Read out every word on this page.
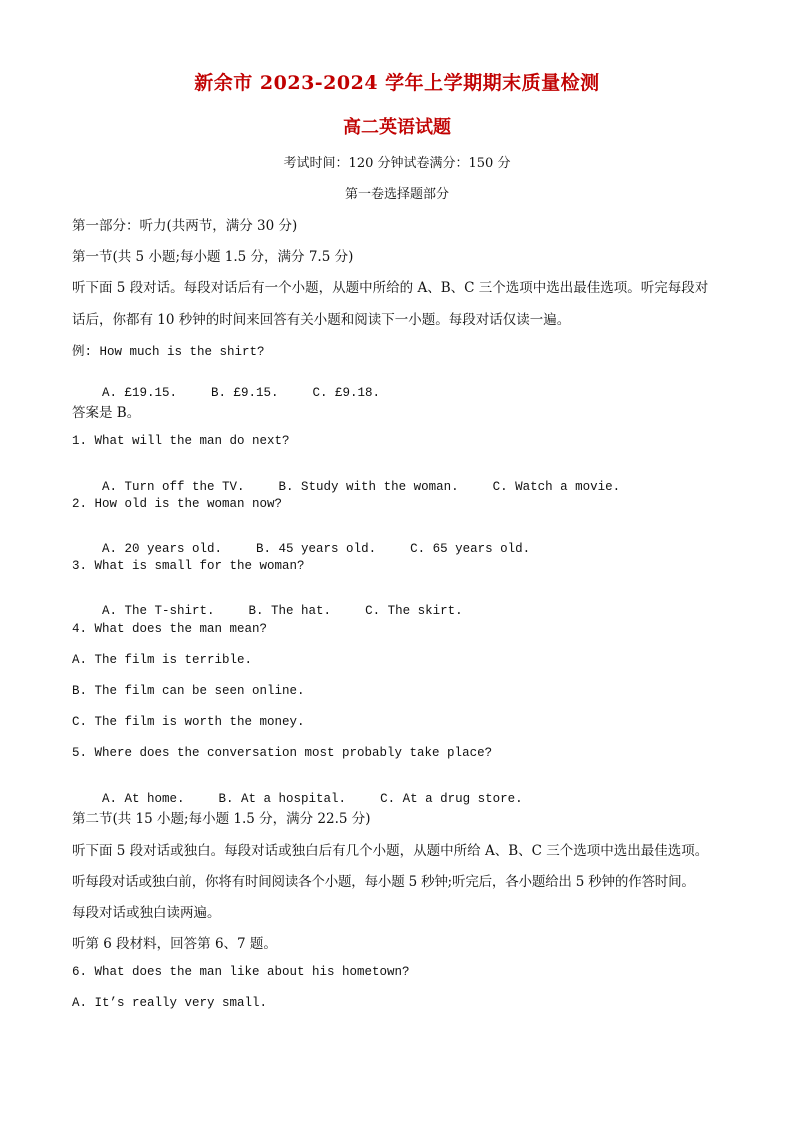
新余市 2023-2024 学年上学期期末质量检测
高二英语试题
考试时间：120 分钟试卷满分：150 分
第一卷选择题部分
第一部分：听力(共两节，满分 30 分)
第一节(共 5 小题;每小题 1.5 分，满分 7.5 分)
听下面 5 段对话。每段对话后有一个小题，从题中所给的 A、B、C 三个选项中选出最佳选项。听完每段对
话后，你都有 10 秒钟的时间来回答有关小题和阅读下一小题。每段对话仅读一遍。
例: How much is the shirt?

A. £19.15.	B. £9.15.	C. £9.18.

答案是 B。
1. What will the man do next?

A. Turn off the TV.	B. Study with the woman.	C. Watch a movie.

2. How old is the woman now?

A. 20 years old.	B. 45 years old.	C. 65 years old.

3. What is small for the woman?

A. The T-shirt.	B. The hat.	C. The skirt.

4. What does the man mean?
A. The film is terrible.
B. The film can be seen online.
C. The film is worth the money.
5. Where does the conversation most probably take place?

A. At home.	B. At a hospital.	C. At a drug store.

第二节(共 15 小题;每小题 1.5 分，满分 22.5 分)
听下面 5 段对话或独白。每段对话或独白后有几个小题，从题中所给 A、B、C 三个选项中选出最佳选项。
听每段对话或独白前，你将有时间阅读各个小题，每小题 5 秒钟;听完后，各小题给出 5 秒钟的作答时间。
每段对话或独白读两遍。
听第 6 段材料，回答第 6、7 题。
6. What does the man like about his hometown?
A. It’s really very small.
